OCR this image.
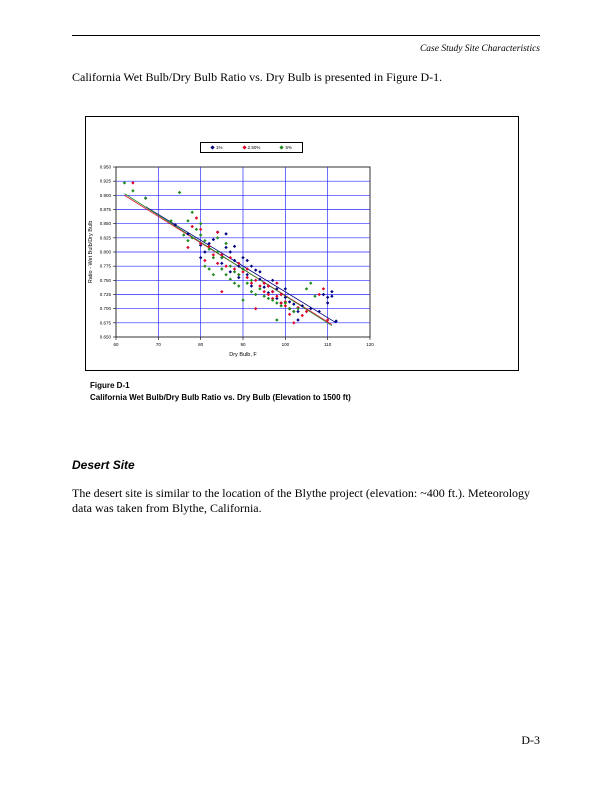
Case Study Site Characteristics
California Wet Bulb/Dry Bulb Ratio vs. Dry Bulb is presented in Figure D-1.
1%	2.50%	5%
0.650
0.675
0.700
0.725
0.750
0.775
0.800
0.825
0.850
0.875
0.900
0.925
0.950
60	70	80	90	100	110	120
Dry Bulb, F
Ratio - Wet Bulb/Dry Bulb
Figure D-1
California Wet Bulb/Dry Bulb Ratio vs. Dry Bulb (Elevation to 1500 ft)
Desert Site
The desert site is similar to the location of the Blythe project (elevation: ~400 ft.). Meteorology data was taken from Blythe, California.
D-3
